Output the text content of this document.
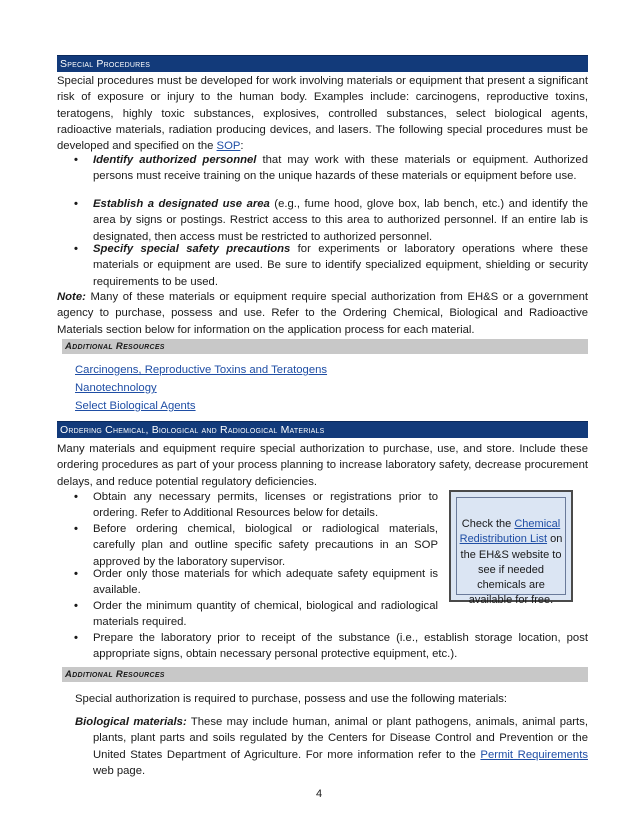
Special Procedures

Special procedures must be developed for work involving materials or equipment that present a significant risk of exposure or injury to the human body. Examples include: carcinogens, reproductive toxins, teratogens, highly toxic substances, explosives, controlled substances, select biological agents, radioactive materials, radiation producing devices, and lasers. The following special procedures must be developed and specified on the SOP:

• Identify authorized personnel that may work with these materials or equipment. Authorized persons must receive training on the unique hazards of these materials or equipment before use.
• Establish a designated use area (e.g., fume hood, glove box, lab bench, etc.) and identify the area by signs or postings. Restrict access to this area to authorized personnel. If an entire lab is designated, then access must be restricted to authorized personnel.
• Specify special safety precautions for experiments or laboratory operations where these materials or equipment are used. Be sure to identify specialized equipment, shielding or security requirements to be used.

Note: Many of these materials or equipment require special authorization from EH&S or a government agency to purchase, possess and use. Refer to the Ordering Chemical, Biological and Radioactive Materials section below for information on the application process for each material.

Additional Resources
Carcinogens, Reproductive Toxins and Teratogens
Nanotechnology
Select Biological Agents
Ordering Chemical, Biological and Radiological Materials

Many materials and equipment require special authorization to purchase, use, and store. Include these ordering procedures as part of your process planning to increase laboratory safety, decrease procurement delays, and reduce potential regulatory deficiencies.

• Obtain any necessary permits, licenses or registrations prior to ordering. Refer to Additional Resources below for details.
• Before ordering chemical, biological or radiological materials, carefully plan and outline specific safety precautions in an SOP approved by the laboratory supervisor.
• Order only those materials for which adequate safety equipment is available.
• Order the minimum quantity of chemical, biological and radiological materials required.
• Prepare the laboratory prior to receipt of the substance (i.e., establish storage location, post appropriate signs, obtain necessary personal protective equipment, etc.).
Check the Chemical Redistribution List on the EH&S website to see if needed chemicals are available for free.
Additional Resources

Special authorization is required to purchase, possess and use the following materials:

Biological materials: These may include human, animal or plant pathogens, animals, animal parts, plants, plant parts and soils regulated by the Centers for Disease Control and Prevention or the United States Department of Agriculture. For more information refer to the Permit Requirements web page.
4
